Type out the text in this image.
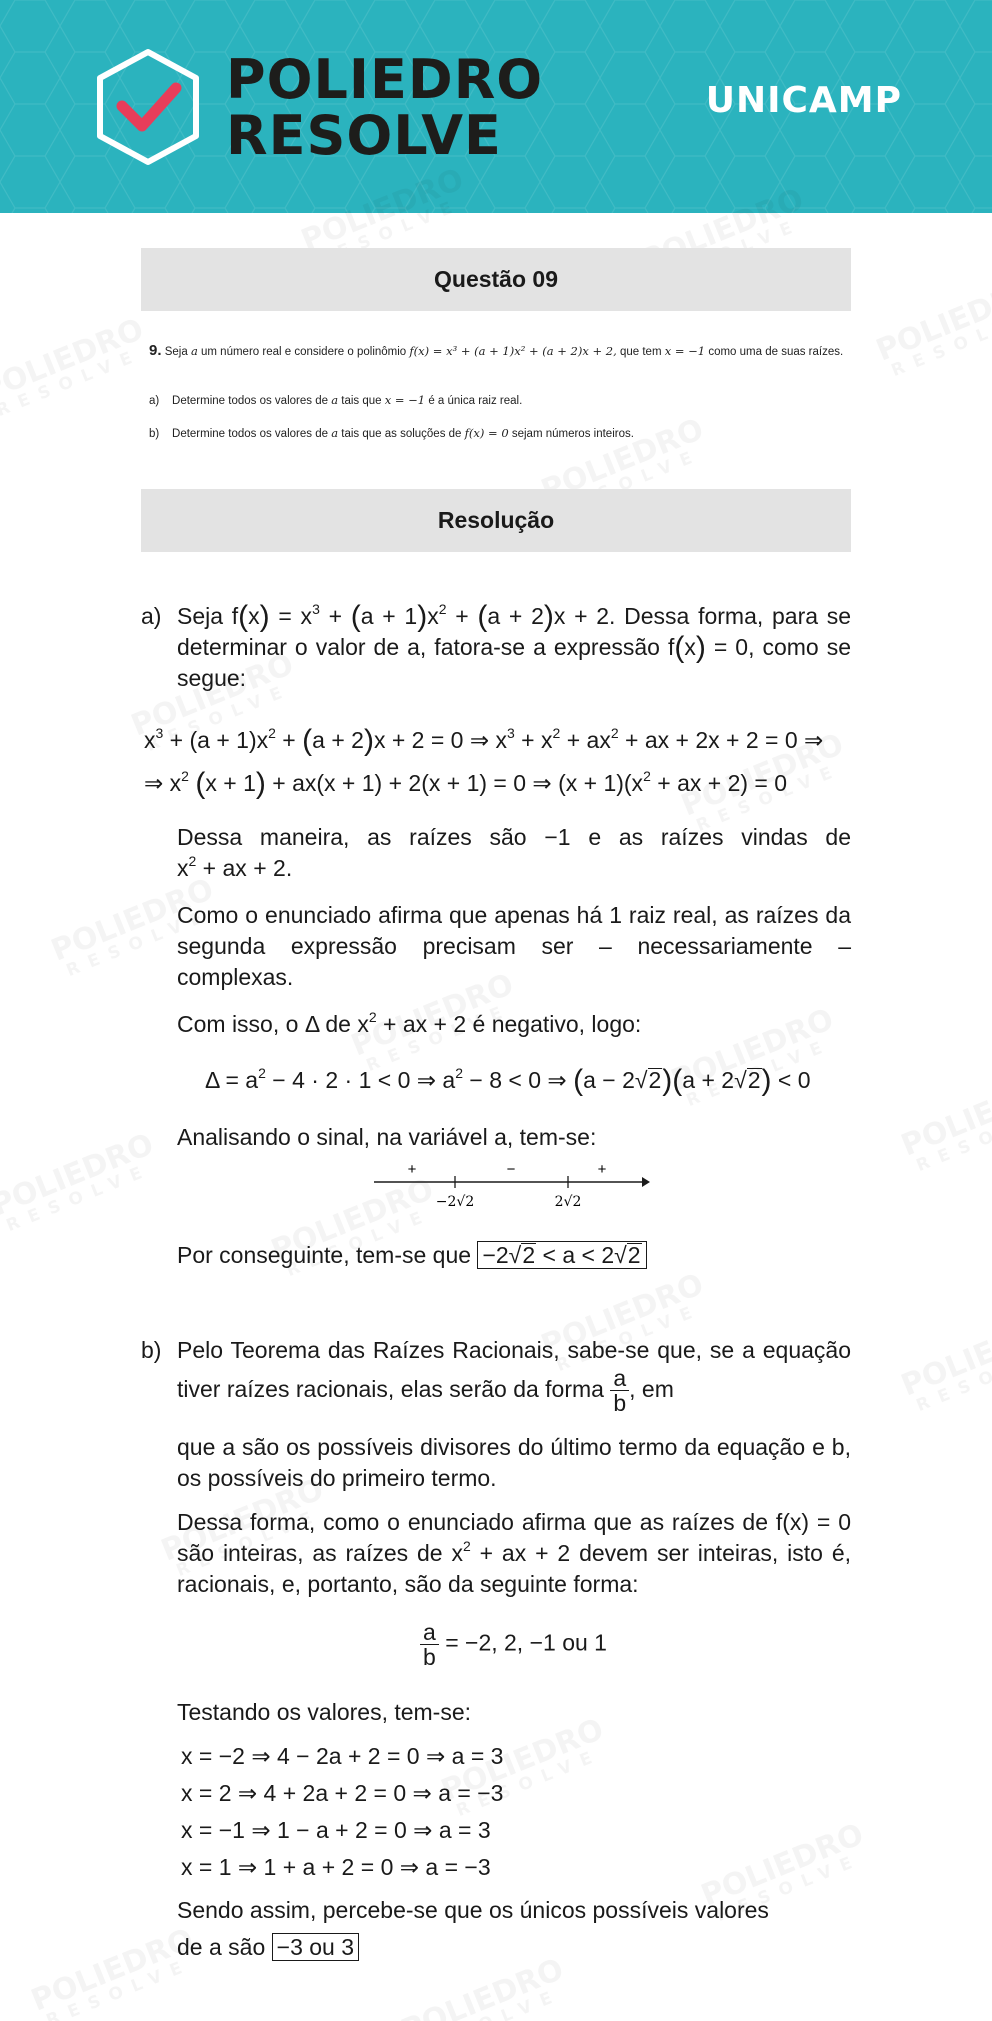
POLIEDRO
RESOLVE
UNICAMP
Questão 09
9. Seja a um número real e considere o polinômio f(x) = x³ + (a + 1)x² + (a + 2)x + 2, que tem x = −1 como uma de suas raízes.
a) Determine todos os valores de a tais que x = −1 é a única raiz real.
b) Determine todos os valores de a tais que as soluções de f(x) = 0 sejam números inteiros.
Resolução
a) Seja $f(x) = x^3 + (a + 1)x^2 + (a + 2)x + 2$. Dessa forma, para se determinar o valor de a, fatora-se a expressão f(x) = 0, como se segue:
$x^3 + (a + 1)x^2 + (a + 2)x + 2 = 0$ ⇒ $x^3 + x^2 + ax^2$ + ax + 2x + 2 = 0 ⇒
⇒ $x^2$ (x + 1) + ax(x + 1) + 2(x + 1) = 0 ⇒ $(x + 1)(x^2$ + ax + 2) = 0
Dessa maneira, as raízes são −1 e as raízes vindas de $x^2$ + ax + 2.
Como o enunciado afirma que apenas há 1 raiz real, as raízes da segunda expressão precisam ser – necessariamente – complexas.
Com isso, o Δ de $x^2$ + ax + 2 é negativo, logo:
$\Delta = a^2 - 4 \cdot 2 \cdot 1 < 0$ ⇒ $a^2 - 8 < 0$ ⇒ (a − 2√2)(a + 2√2) < 0
Analisando o sinal, na variável a, tem-se:
+	−	+
−2√2	2√2
Por conseguinte, tem-se que −2√2 < a < 2√2
b) Pelo Teorema das Raízes Racionais, sabe-se que, se a equação tiver raízes racionais, elas serão da forma $\frac{a}{b}$ , em
que a são os possíveis divisores do último termo da equação e b, os possíveis do primeiro termo.
Dessa forma, como o enunciado afirma que as raízes de f(x) = 0 são inteiras, as raízes de $x^2$ + ax + 2 devem ser inteiras, isto é, racionais, e, portanto, são da seguinte forma:
$\frac{a}{b} = -2$, 2, −1 ou 1
Testando os valores, tem-se:
x = −2 ⇒ 4 − 2a + 2 = 0 ⇒ a = 3
x = 2 ⇒ 4 + 2a + 2 = 0 ⇒ a = −3
x = −1 ⇒ 1 − a + 2 = 0 ⇒ a = 3
x = 1 ⇒ 1 + a + 2 = 0 ⇒ a = −3
Sendo assim, percebe-se que os únicos possíveis valores
de a são −3 ou 3
